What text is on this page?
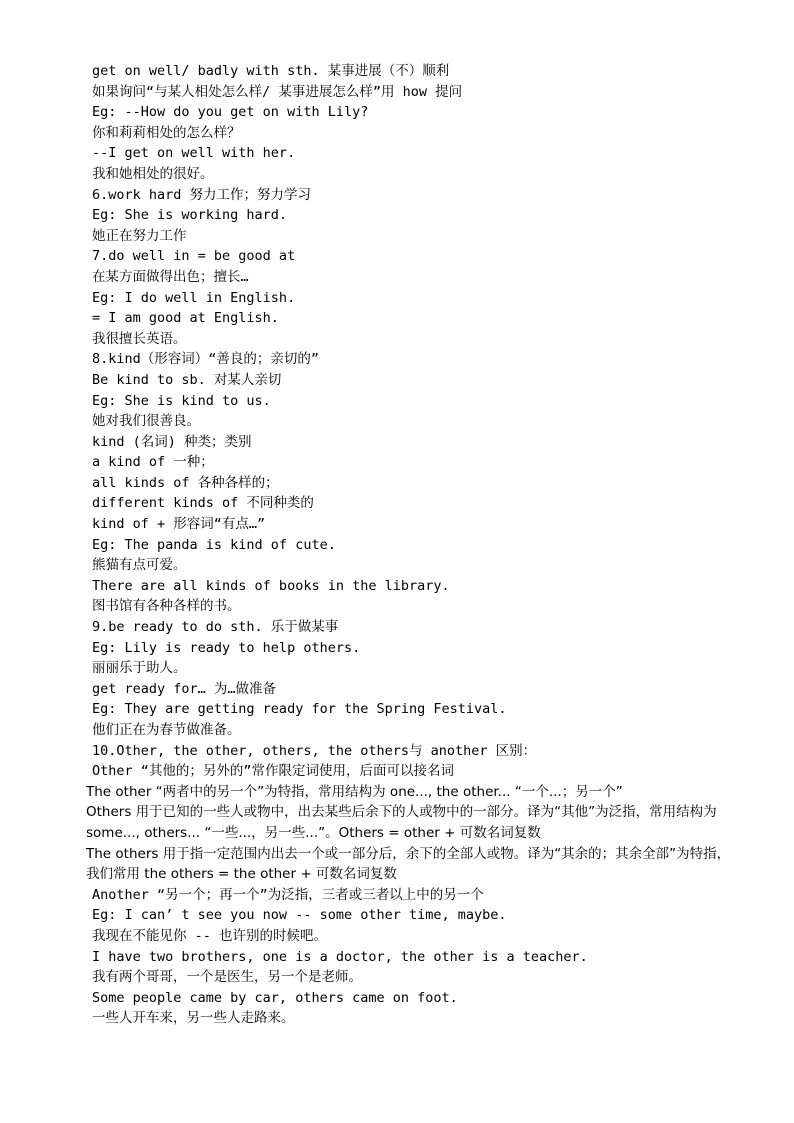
get on well/ badly with sth. 某事进展（不）顺利
如果询问“与某人相处怎么样/ 某事进展怎么样”用 how 提问
Eg: --How do you get on with Lily?
你和莉莉相处的怎么样？
--I get on well with her.
我和她相处的很好。
6.work hard 努力工作；努力学习
Eg: She is working hard.
她正在努力工作
7.do well in = be good at
在某方面做得出色；擅长…
Eg: I do well in English.
= I am good at English.
我很擅长英语。
8.kind（形容词）“善良的；亲切的”
Be kind to sb. 对某人亲切
Eg: She is kind to us.
她对我们很善良。
kind (名词) 种类；类别
a kind of 一种；
all kinds of 各种各样的；
different kinds of 不同种类的
kind of + 形容词“有点…”
Eg: The panda is kind of cute.
熊猫有点可爱。
There are all kinds of books in the library.
图书馆有各种各样的书。
9.be ready to do sth. 乐于做某事
Eg: Lily is ready to help others.
丽丽乐于助人。
get ready for… 为…做准备
Eg: They are getting ready for the Spring Festival.
他们正在为春节做准备。
10.Other, the other, others, the others与 another 区别：
Other “其他的；另外的”常作限定词使用，后面可以接名词
The other “两者中的另一个”为特指，常用结构为 one..., the other... “一个...；另一个”
Others 用于已知的一些人或物中，出去某些后余下的人或物中的一部分。译为“其他”为泛指，常用结构为 some..., others... “一些...，另一些...”。Others = other + 可数名词复数
The others 用于指一定范围内出去一个或一部分后，余下的全部人或物。译为“其余的；其余全部”为特指，我们常用 the others = the other + 可数名词复数
Another “另一个；再一个”为泛指，三者或三者以上中的另一个
Eg: I can’ t see you now -- some other time, maybe.
我现在不能见你 -- 也许别的时候吧。
I have two brothers, one is a doctor, the other is a teacher.
我有两个哥哥，一个是医生，另一个是老师。
Some people came by car, others came on foot.
一些人开车来，另一些人走路来。
